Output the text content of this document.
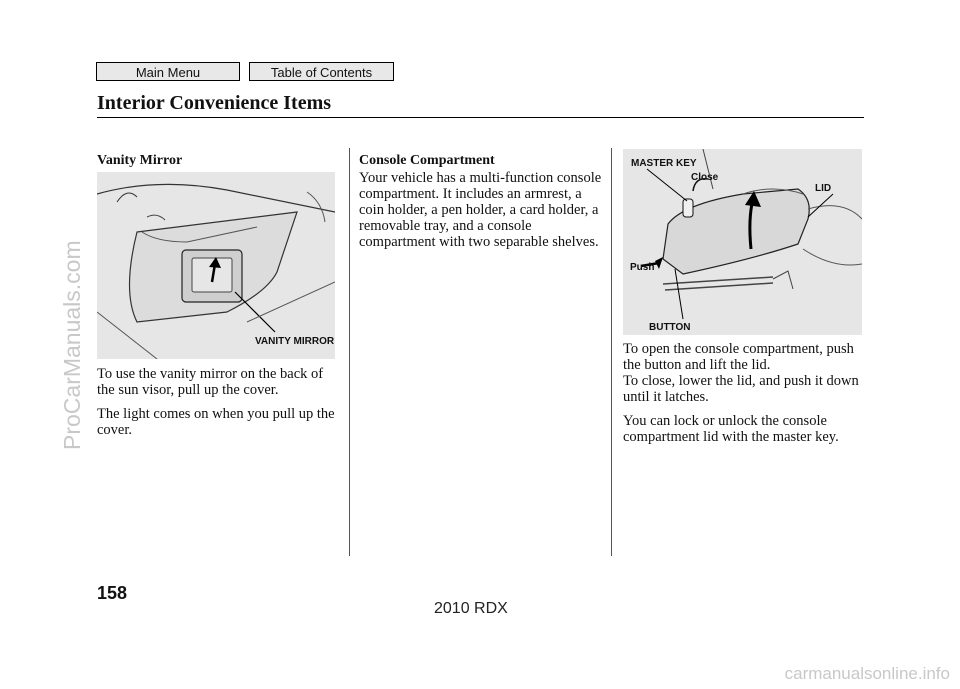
Main Menu	Table of Contents
Interior Convenience Items
Vanity Mirror
VANITY MIRROR

To use the vanity mirror on the back of the sun visor, pull up the cover.

The light comes on when you pull up the cover.

Console Compartment

Your vehicle has a multi-function console compartment. It includes an armrest, a coin holder, a pen holder, a card holder, a removable tray, and a console compartment with two separable shelves.

MASTER KEY
Close
LID
Push
BUTTON

To open the console compartment, push the button and lift the lid.

To close, lower the lid, and push it down until it latches.

You can lock or unlock the console compartment lid with the master key.

158
2010 RDX
ProCarManuals.com
carmanualsonline.info
